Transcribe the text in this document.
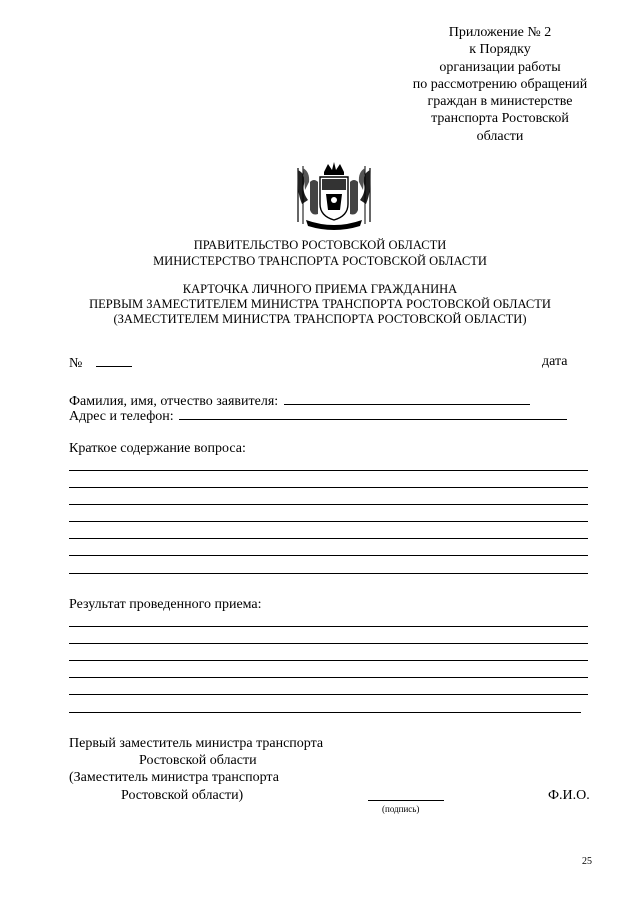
Приложение № 2
к Порядку
организации работы
по рассмотрению обращений
граждан в министерстве
транспорта Ростовской
области
ПРАВИТЕЛЬСТВО РОСТОВСКОЙ ОБЛАСТИ
МИНИСТЕРСТВО ТРАНСПОРТА РОСТОВСКОЙ ОБЛАСТИ
КАРТОЧКА ЛИЧНОГО ПРИЕМА ГРАЖДАНИНА
ПЕРВЫМ ЗАМЕСТИТЕЛЕМ МИНИСТРА ТРАНСПОРТА РОСТОВСКОЙ ОБЛАСТИ
(ЗАМЕСТИТЕЛЕМ МИНИСТРА ТРАНСПОРТА РОСТОВСКОЙ ОБЛАСТИ)
№	дата
Фамилия, имя, отчество заявителя:
Адрес и телефон:
Краткое содержание вопроса:
Результат проведенного приема:
Первый заместитель министра транспорта
Ростовской области
(Заместитель министра транспорта
Ростовской области)
(подпись)
Ф.И.О.
25
